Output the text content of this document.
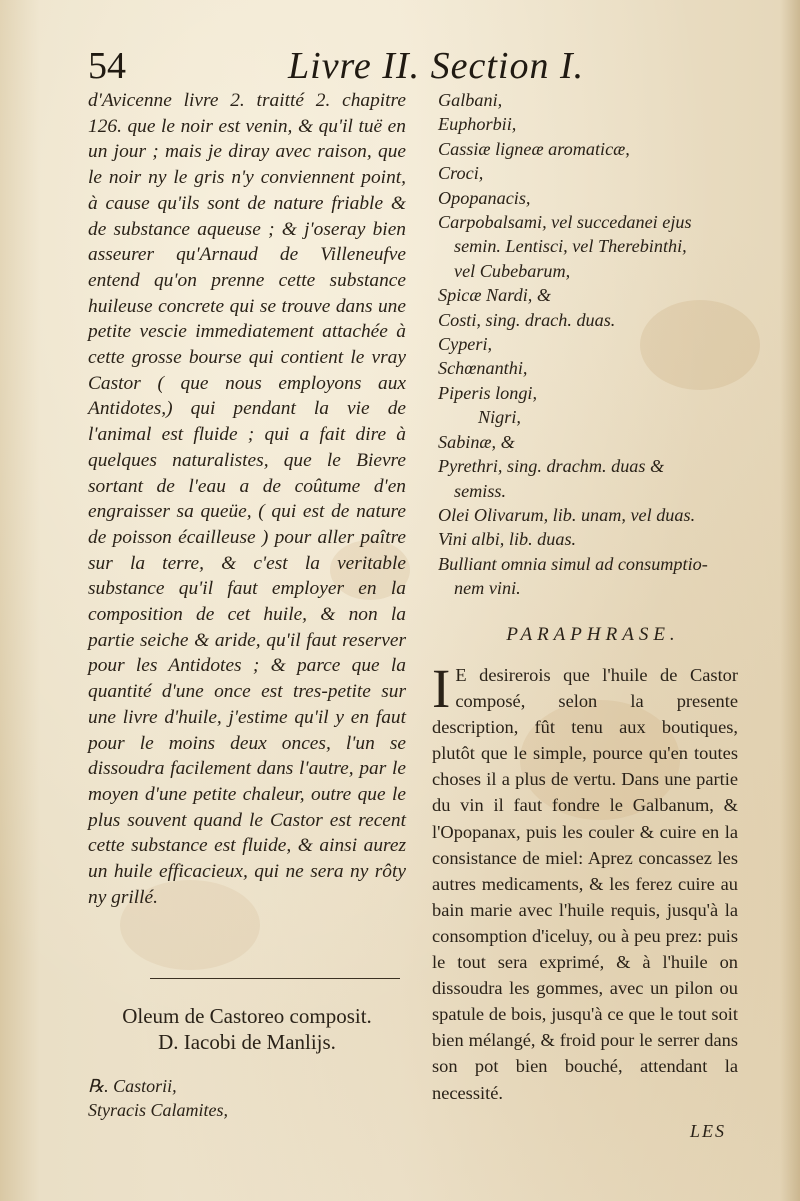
54	Livre II. Section I.

d'Avicenne livre 2. traitté 2. chapitre 126. que le noir est venin, & qu'il tuë en un jour ; mais je diray avec raison, que le noir ny le gris n'y conviennent point, à cause qu'ils sont de nature friable & de substance aqueuse ; & j'oseray bien asseurer qu'Arnaud de Villeneufve entend qu'on prenne cette substance huileuse concrete qui se trouve dans une petite vescie immediatement attachée à cette grosse bourse qui contient le vray Castor ( que nous employons aux Antidotes,) qui pendant la vie de l'animal est fluide ; qui a fait dire à quelques naturalistes, que le Bievre sortant de l'eau a de coûtume d'en engraisser sa queüe, ( qui est de nature de poisson écailleuse ) pour aller paître sur la terre, & c'est la veritable substance qu'il faut employer en la composition de cet huile, & non la partie seiche & aride, qu'il faut reserver pour les Antidotes ; & parce que la quantité d'une once est tres-petite sur une livre d'huile, j'estime qu'il y en faut pour le moins deux onces, l'un se dissoudra facilement dans l'autre, par le moyen d'une petite chaleur, outre que le plus souvent quand le Castor est recent cette substance est fluide, & ainsi aurez un huile efficacieux, qui ne sera ny rôty ny grillé.

Oleum de Castoreo composit.
D. Iacobi de Manlijs.
℞. Castorii,
Styracis Calamites,
Galbani,
Euphorbii,
Cassiæ ligneæ aromaticæ,
Croci,
Opopanacis,
Carpobalsami, vel succedanei ejus
semin. Lentisci, vel Therebinthi,
vel Cubebarum,
Spicæ Nardi, &
Costi, sing. drach. duas.
Cyperi,
Schœnanthi,
Piperis longi,
Nigri,
Sabinæ, &
Pyrethri, sing. drachm. duas &
semiss.
Olei Olivarum, lib. unam, vel duas.
Vini albi, lib. duas.
Bulliant omnia simul ad consumptio-
nem vini.
PARAPHRASE.
I E desirerois que l'huile de Castor composé, selon la presente description, fût tenu aux boutiques, plutôt que le simple, pource qu'en toutes choses il a plus de vertu. Dans une partie du vin il faut fondre le Galbanum, & l'Opopanax, puis les couler & cuire en la consistance de miel: Aprez concassez les autres medicaments, & les ferez cuire au bain marie avec l'huile requis, jusqu'à la consomption d'iceluy, ou à peu prez: puis le tout sera exprimé, & à l'huile on dissoudra les gommes, avec un pilon ou spatule de bois, jusqu'à ce que le tout soit bien mélangé, & froid pour le serrer dans son pot bien bouché, attendant la necessité.

LES
